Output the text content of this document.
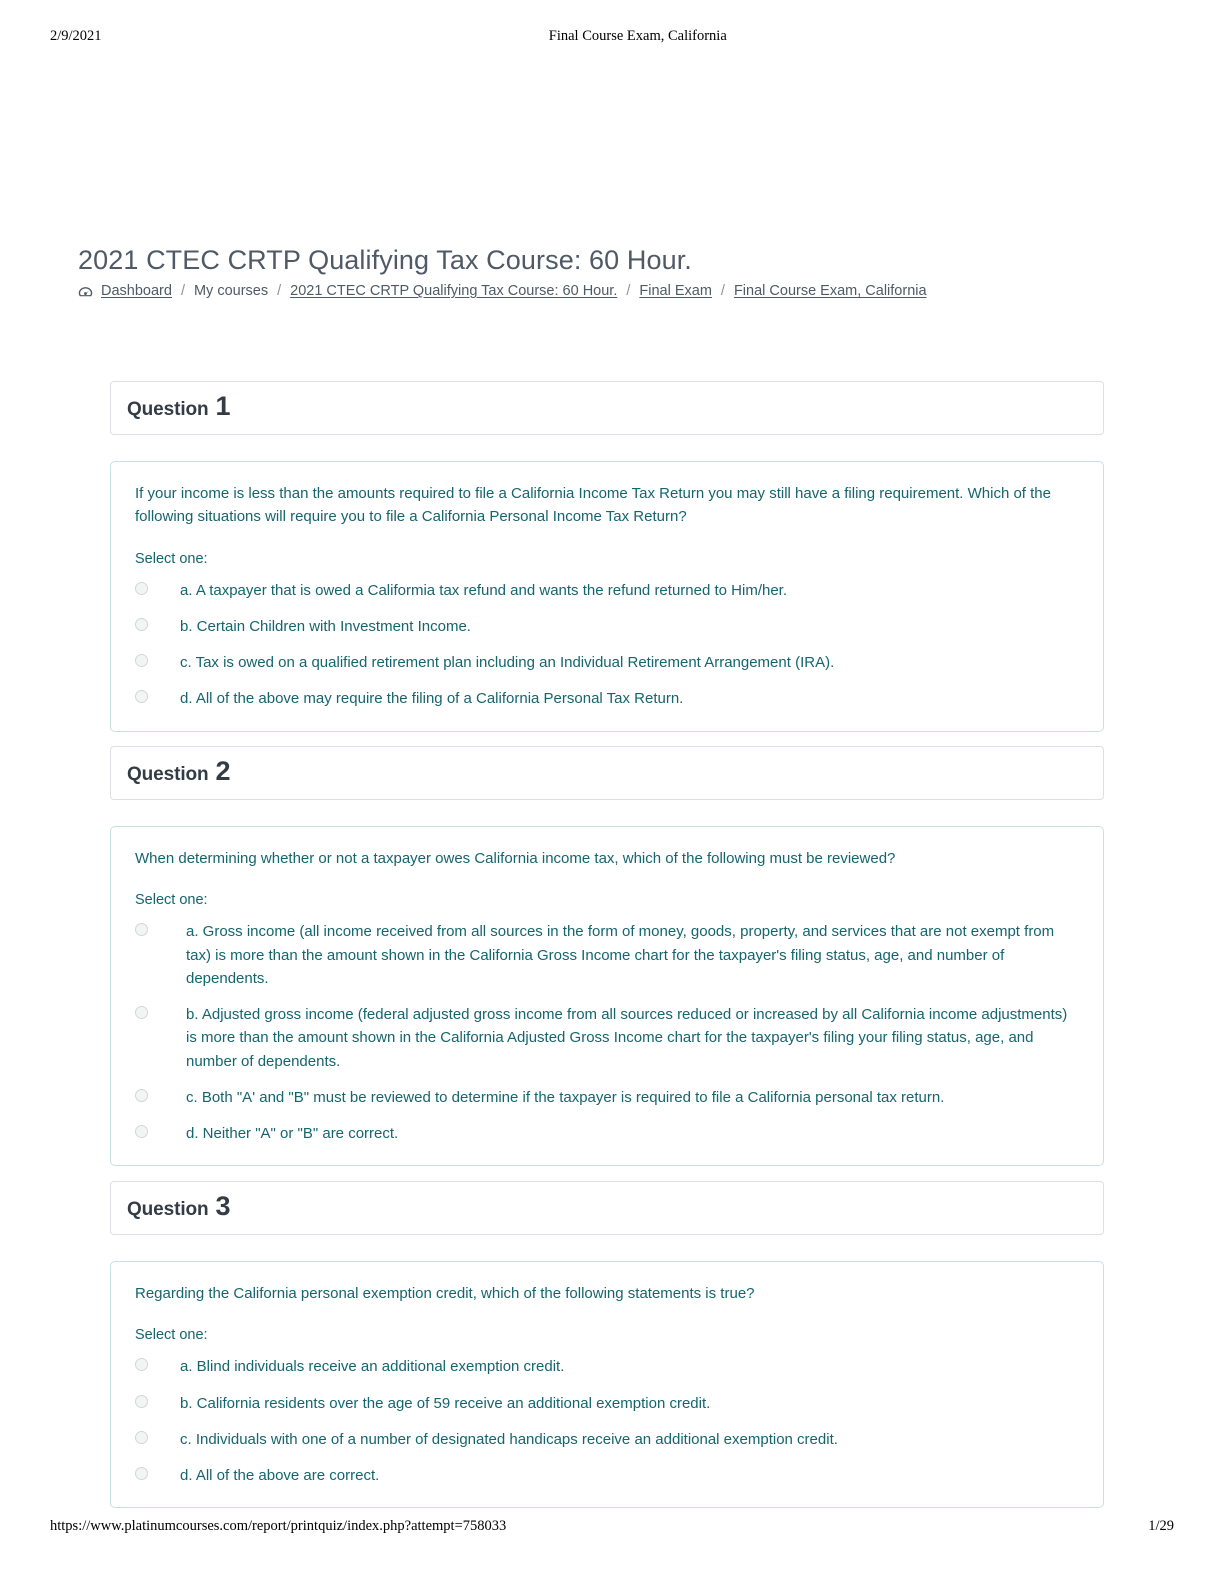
2/9/2021	Final Course Exam, California
2021 CTEC CRTP Qualifying Tax Course: 60 Hour.
Dashboard / My courses / 2021 CTEC CRTP Qualifying Tax Course: 60 Hour. / Final Exam / Final Course Exam, California
Question 1

If your income is less than the amounts required to file a California Income Tax Return you may still have a filing requirement. Which of the following situations will require you to file a California Personal Income Tax Return?

Select one:

a. A taxpayer that is owed a Califormia tax refund and wants the refund returned to Him/her.
b. Certain Children with Investment Income.
c. Tax is owed on a qualified retirement plan including an Individual Retirement Arrangement (IRA).
d. All of the above may require the filing of a California Personal Tax Return.
Question 2

When determining whether or not a taxpayer owes California income tax, which of the following must be reviewed?

Select one:

a. Gross income (all income received from all sources in the form of money, goods, property, and services that are not exempt from tax) is more than the amount shown in the California Gross Income chart for the taxpayer's filing status, age, and number of dependents.
b. Adjusted gross income (federal adjusted gross income from all sources reduced or increased by all California income adjustments) is more than the amount shown in the California Adjusted Gross Income chart for the taxpayer's filing your filing status, age, and number of dependents.
c. Both "A' and "B" must be reviewed to determine if the taxpayer is required to file a California personal tax return.
d. Neither "A" or "B" are correct.
Question 3

Regarding the California personal exemption credit, which of the following statements is true?

Select one:

a. Blind individuals receive an additional exemption credit.
b. California residents over the age of 59 receive an additional exemption credit.
c. Individuals with one of a number of designated handicaps receive an additional exemption credit.
d. All of the above are correct.
https://www.platinumcourses.com/report/printquiz/index.php?attempt=758033	1/29
